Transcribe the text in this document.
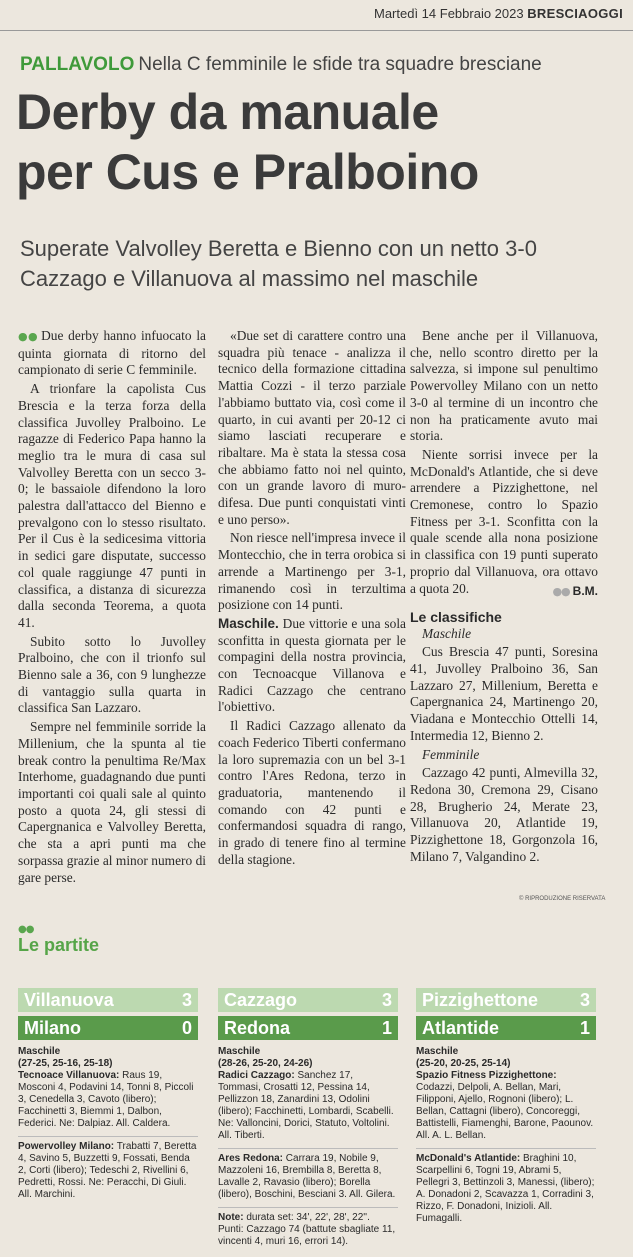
Martedì 14 Febbraio 2023 BRESCIAOGGI
PALLAVOLO Nella C femminile le sfide tra squadre bresciane
Derby da manuale
per Cus e Pralboino
Superate Valvolley Beretta e Bienno con un netto 3-0
Cazzago e Villanuova al massimo nel maschile

●● Due derby hanno infuocato la quinta giornata di ritorno del campionato di serie C femminile.

A trionfare la capolista Cus Brescia e la terza forza della classifica Juvolley Pralboino. Le ragazze di Federico Papa hanno la meglio tra le mura di casa sul Valvolley Beretta con un secco 3-0; le bassaiole difendono la loro palestra dall'attacco del Bienno e prevalgono con lo stesso risultato. Per il Cus è la sedicesima vittoria in sedici gare disputate, successo col quale raggiunge 47 punti in classifica, a distanza di sicurezza dalla seconda Teorema, a quota 41.

Subito sotto lo Juvolley Pralboino, che con il trionfo sul Bienno sale a 36, con 9 lunghezze di vantaggio sulla quarta in classifica San Lazzaro.

Sempre nel femminile sorride la Millenium, che la spunta al tie break contro la penultima Re/Max Interhome, guadagnando due punti importanti coi quali sale al quinto posto a quota 24, gli stessi di Capergnanica e Valvolley Beretta, che sta a apri punti ma che sorpassa grazie al minor numero di gare perse.

«Due set di carattere contro una squadra più tenace - analizza il tecnico della formazione cittadina Mattia Cozzi - il terzo parziale l'abbiamo buttato via, così come il quarto, in cui avanti per 20-12 ci siamo lasciati recuperare e ribaltare. Ma è stata la stessa cosa che abbiamo fatto noi nel quinto, con un grande lavoro di muro-difesa. Due punti conquistati vinti e uno perso».

Non riesce nell'impresa invece il Montecchio, che in terra orobica si arrende a Martinengo per 3-1, rimanendo così in terzultima posizione con 14 punti.

Maschile. Due vittorie e una sola sconfitta in questa giornata per le compagini della nostra provincia, con Tecnoacque Villanova e Radici Cazzago che centrano l'obiettivo.

Il Radici Cazzago allenato da coach Federico Tiberti confermano la loro supremazia con un bel 3-1 contro l'Ares Redona, terzo in graduatoria, mantenendo il comando con 42 punti e confermandosi squadra di rango, in grado di tenere fino al termine della stagione.

Bene anche per il Villanuova, che, nello scontro diretto per la salvezza, si impone sul penultimo Powervolley Milano con un netto 3-0 al termine di un incontro che non ha praticamente avuto mai storia.

Niente sorrisi invece per la McDonald's Atlantide, che si deve arrendere a Pizzighettone, nel Cremonese, contro lo Spazio Fitness per 3-1. Sconfitta con la quale scende alla nona posizione in classifica con 19 punti superato proprio dal Villanuova, ora ottavo a quota 20.	●● B.M.
Le classifiche

Maschile

Cus Brescia 47 punti, Soresina 41, Juvolley Pralboino 36, San Lazzaro 27, Millenium, Beretta e Capergnanica 24, Martinengo 20, Viadana e Montecchio Ottelli 14, Intermedia 12, Bienno 2.

Femminile

Cazzago 42 punti, Almevilla 32, Redona 30, Cremona 29, Cisano 28, Brugherio 24, Merate 23, Villanuova 20, Atlantide 19, Pizzighettone 18, Gorgonzola 16, Milano 7, Valgandino 2.

© RIPRODUZIONE RISERVATA
●●
Le partite
Villanuova	3
Milano	0
Maschile
(27-25, 25-16, 25-18)
Tecnoace Villanuova: Raus 19, Mosconi 4, Podavini 14, Tonni 8, Piccoli 3, Cenedella 3, Cavoto (libero); Facchinetti 3, Biemmi 1, Dalbon, Federici. Ne: Dalpiaz. All. Caldera.
Powervolley Milano: Trabatti 7, Beretta 4, Savino 5, Buzzetti 9, Fossati, Benda 2, Corti (libero); Tedeschi 2, Rivellini 6, Pedretti, Rossi. Ne: Peracchi, Di Giuli. All. Marchini.
Cazzago	3
Redona	1
Maschile
(28-26, 25-20, 24-26)
Radici Cazzago: Sanchez 17, Tommasi, Crosatti 12, Pessina 14, Pellizzon 18, Zanardini 13, Odolini (libero); Facchinetti, Lombardi, Scabelli. Ne: Valloncini, Dorici, Statuto, Voltolini. All. Tiberti.
Ares Redona: Carrara 19, Nobile 9, Mazzoleni 16, Brembilla 8, Beretta 8, Lavalle 2, Ravasio (libero); Borella (libero), Boschini, Besciani 3. All. Gilera.
Note: durata set: 34', 22', 28', 22''. Punti: Cazzago 74 (battute sbagliate 11, vincenti 4, muri 16, errori 14).
Pizzighettone 3
Atlantide	1
Maschile
(25-20, 20-25, 25-14)
Spazio Fitness Pizzighettone: Codazzi, Delpoli, A. Bellan, Mari, Filipponi, Ajello, Rognoni (libero); L. Bellan, Cattagni (libero), Concoreggi, Battistelli, Fiamenghi, Barone, Paounov. All. A. L. Bellan.
McDonald's Atlantide: Braghini 10, Scarpellini 6, Togni 19, Abrami 5, Pellegri 3, Bettinzoli 3, Manessi, (libero); A. Donadoni 2, Scavazza 1, Corradini 3, Rizzo, F. Donadoni, Inizioli. All. Fumagalli.
